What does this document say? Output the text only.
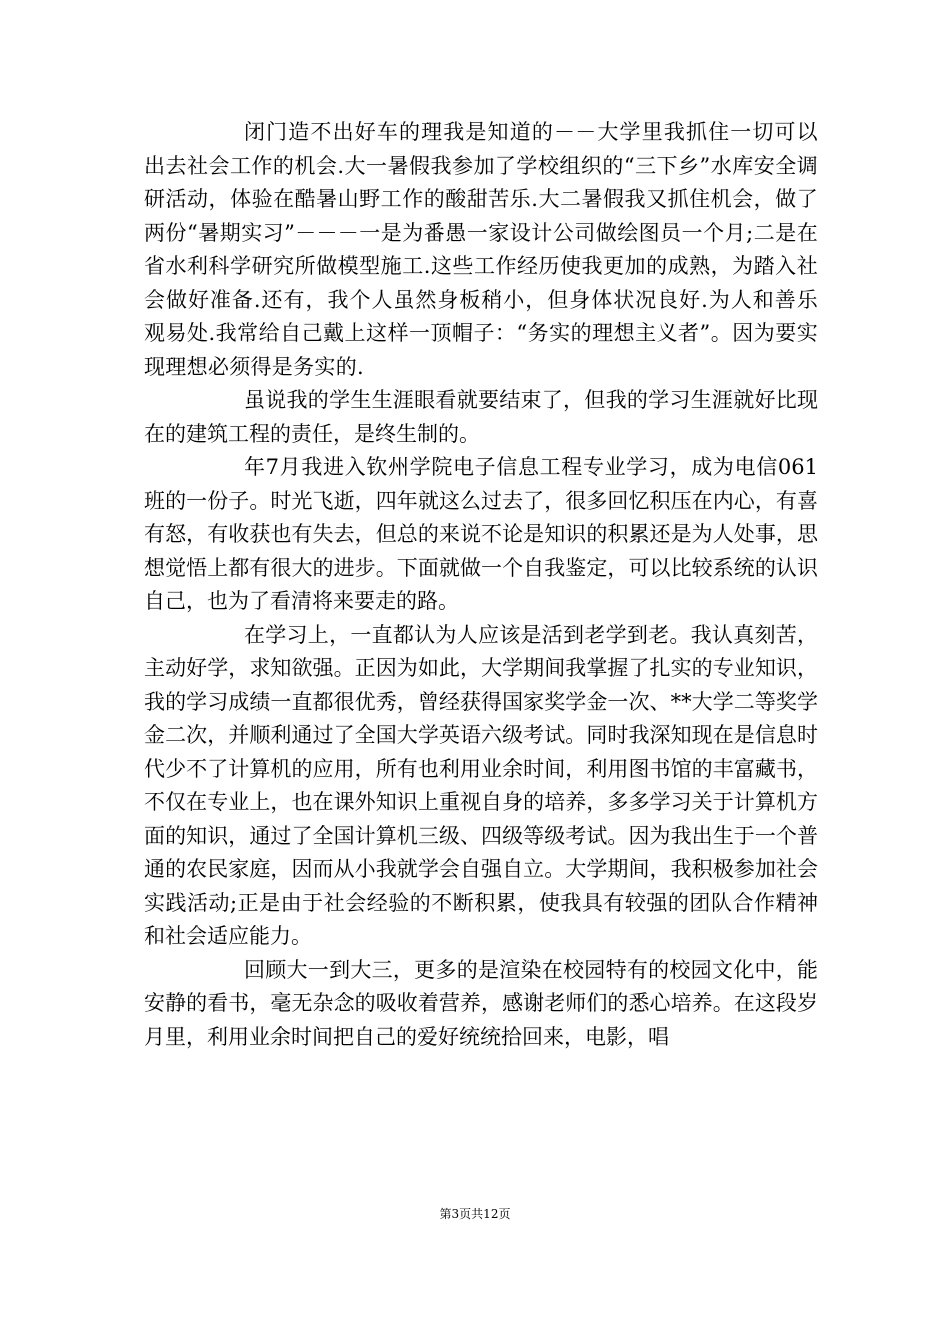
闭门造不出好车的理我是知道的－－大学里我抓住一切可以出去社会工作的机会.大一暑假我参加了学校组织的“三下乡”水库安全调研活动，体验在酷暑山野工作的酸甜苦乐.大二暑假我又抓住机会，做了两份“暑期实习”－－－一是为番愚一家设计公司做绘图员一个月;二是在省水利科学研究所做模型施工.这些工作经历使我更加的成熟，为踏入社会做好准备.还有，我个人虽然身板稍小，但身体状况良好.为人和善乐观易处.我常给自己戴上这样一顶帽子：“务实的理想主义者”。因为要实现理想必须得是务实的.

虽说我的学生生涯眼看就要结束了，但我的学习生涯就好比现在的建筑工程的责任，是终生制的。

年7月我进入钦州学院电子信息工程专业学习，成为电信061班的一份子。时光飞逝，四年就这么过去了，很多回忆积压在内心，有喜有怒，有收获也有失去，但总的来说不论是知识的积累还是为人处事，思想觉悟上都有很大的进步。下面就做一个自我鉴定，可以比较系统的认识自己，也为了看清将来要走的路。

在学习上，一直都认为人应该是活到老学到老。我认真刻苦，主动好学，求知欲强。正因为如此，大学期间我掌握了扎实的专业知识，我的学习成绩一直都很优秀，曾经获得国家奖学金一次、**大学二等奖学金二次，并顺利通过了全国大学英语六级考试。同时我深知现在是信息时代少不了计算机的应用，所有也利用业余时间，利用图书馆的丰富藏书，不仅在专业上，也在课外知识上重视自身的培养，多多学习关于计算机方面的知识，通过了全国计算机三级、四级等级考试。因为我出生于一个普通的农民家庭，因而从小我就学会自强自立。大学期间，我积极参加社会实践活动;正是由于社会经验的不断积累，使我具有较强的团队合作精神和社会适应能力。

回顾大一到大三，更多的是渲染在校园特有的校园文化中，能安静的看书，毫无杂念的吸收着营养，感谢老师们的悉心培养。在这段岁月里，利用业余时间把自己的爱好统统拾回来，电影，唱

第3页共12页
